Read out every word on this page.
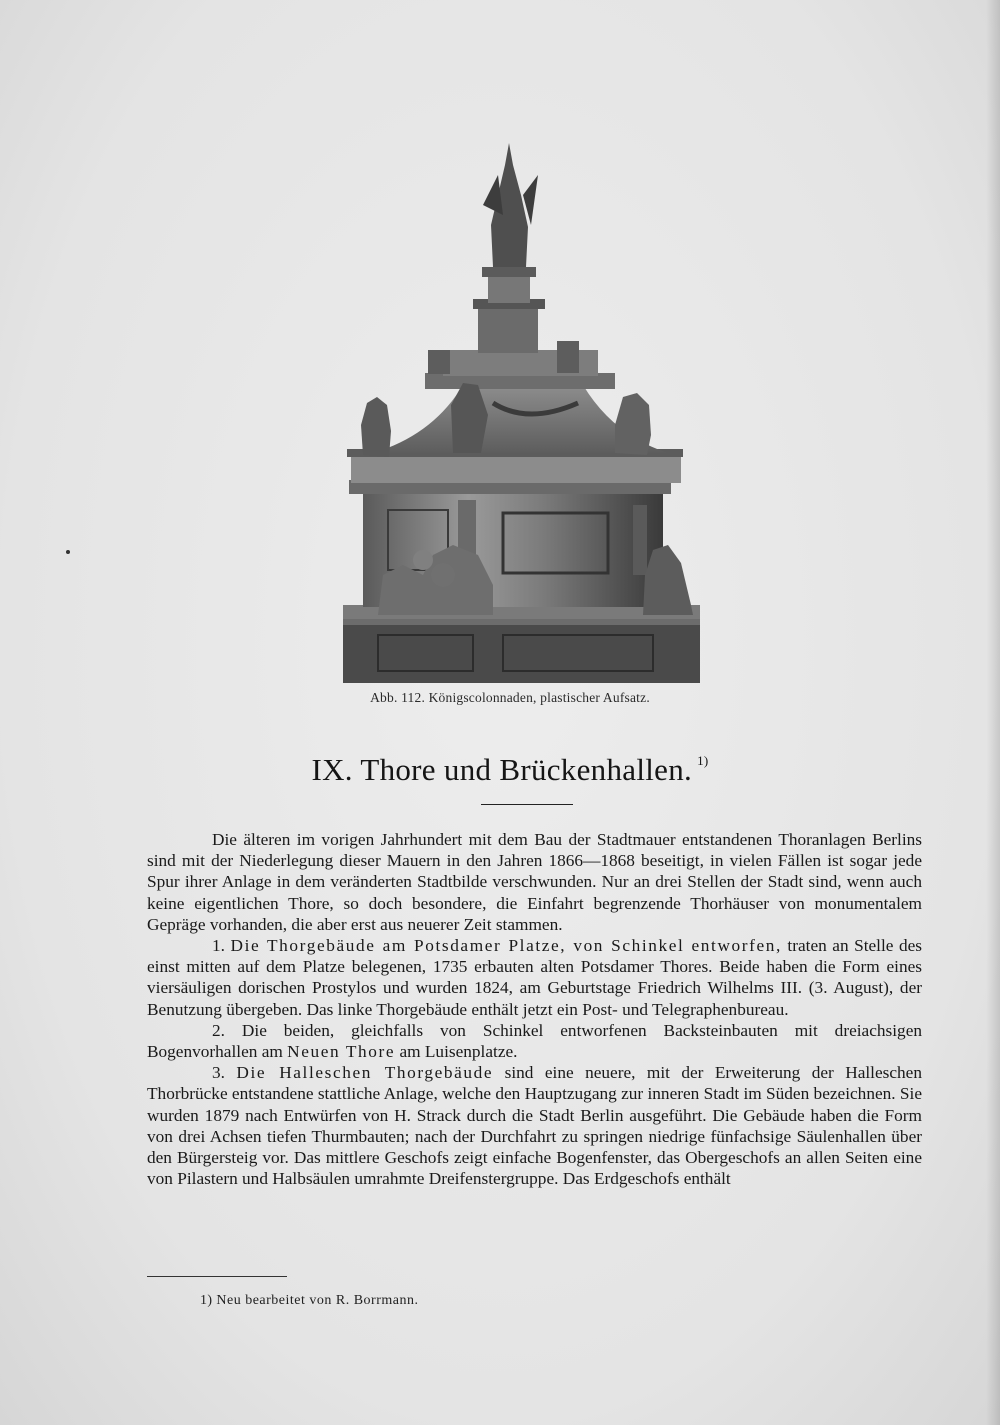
Abb. 112. Königscolonnaden, plastischer Aufsatz.
IX. Thore und Brückenhallen. $^{1)}$

Die älteren im vorigen Jahrhundert mit dem Bau der Stadtmauer entstandenen Thoranlagen Berlins sind mit der Niederlegung dieser Mauern in den Jahren 1866—1868 beseitigt, in vielen Fällen ist sogar jede Spur ihrer Anlage in dem veränderten Stadtbilde verschwunden. Nur an drei Stellen der Stadt sind, wenn auch keine eigentlichen Thore, so doch besondere, die Einfahrt begrenzende Thorhäuser von monumentalem Gepräge vorhanden, die aber erst aus neuerer Zeit stammen.

1. Die Thorgebäude am Potsdamer Platze, von Schinkel entworfen, traten an Stelle des einst mitten auf dem Platze belegenen, 1735 erbauten alten Potsdamer Thores. Beide haben die Form eines viersäuligen dorischen Prostylos und wurden 1824, am Geburtstage Friedrich Wilhelms III. (3. August), der Benutzung übergeben. Das linke Thorgebäude enthält jetzt ein Post- und Telegraphenbureau.

2. Die beiden, gleichfalls von Schinkel entworfenen Backsteinbauten mit dreiachsigen Bogenvorhallen am Neuen Thore am Luisenplatze.

3. Die Halleschen Thorgebäude sind eine neuere, mit der Erweiterung der Halleschen Thorbrücke entstandene stattliche Anlage, welche den Hauptzugang zur inneren Stadt im Süden bezeichnen. Sie wurden 1879 nach Entwürfen von H. Strack durch die Stadt Berlin ausgeführt. Die Gebäude haben die Form von drei Achsen tiefen Thurmbauten; nach der Durchfahrt zu springen niedrige fünfachsige Säulenhallen über den Bürgersteig vor. Das mittlere Geschofs zeigt einfache Bogenfenster, das Obergeschofs an allen Seiten eine von Pilastern und Halbsäulen umrahmte Dreifenstergruppe. Das Erdgeschofs enthält

1) Neu bearbeitet von R. Borrmann.
